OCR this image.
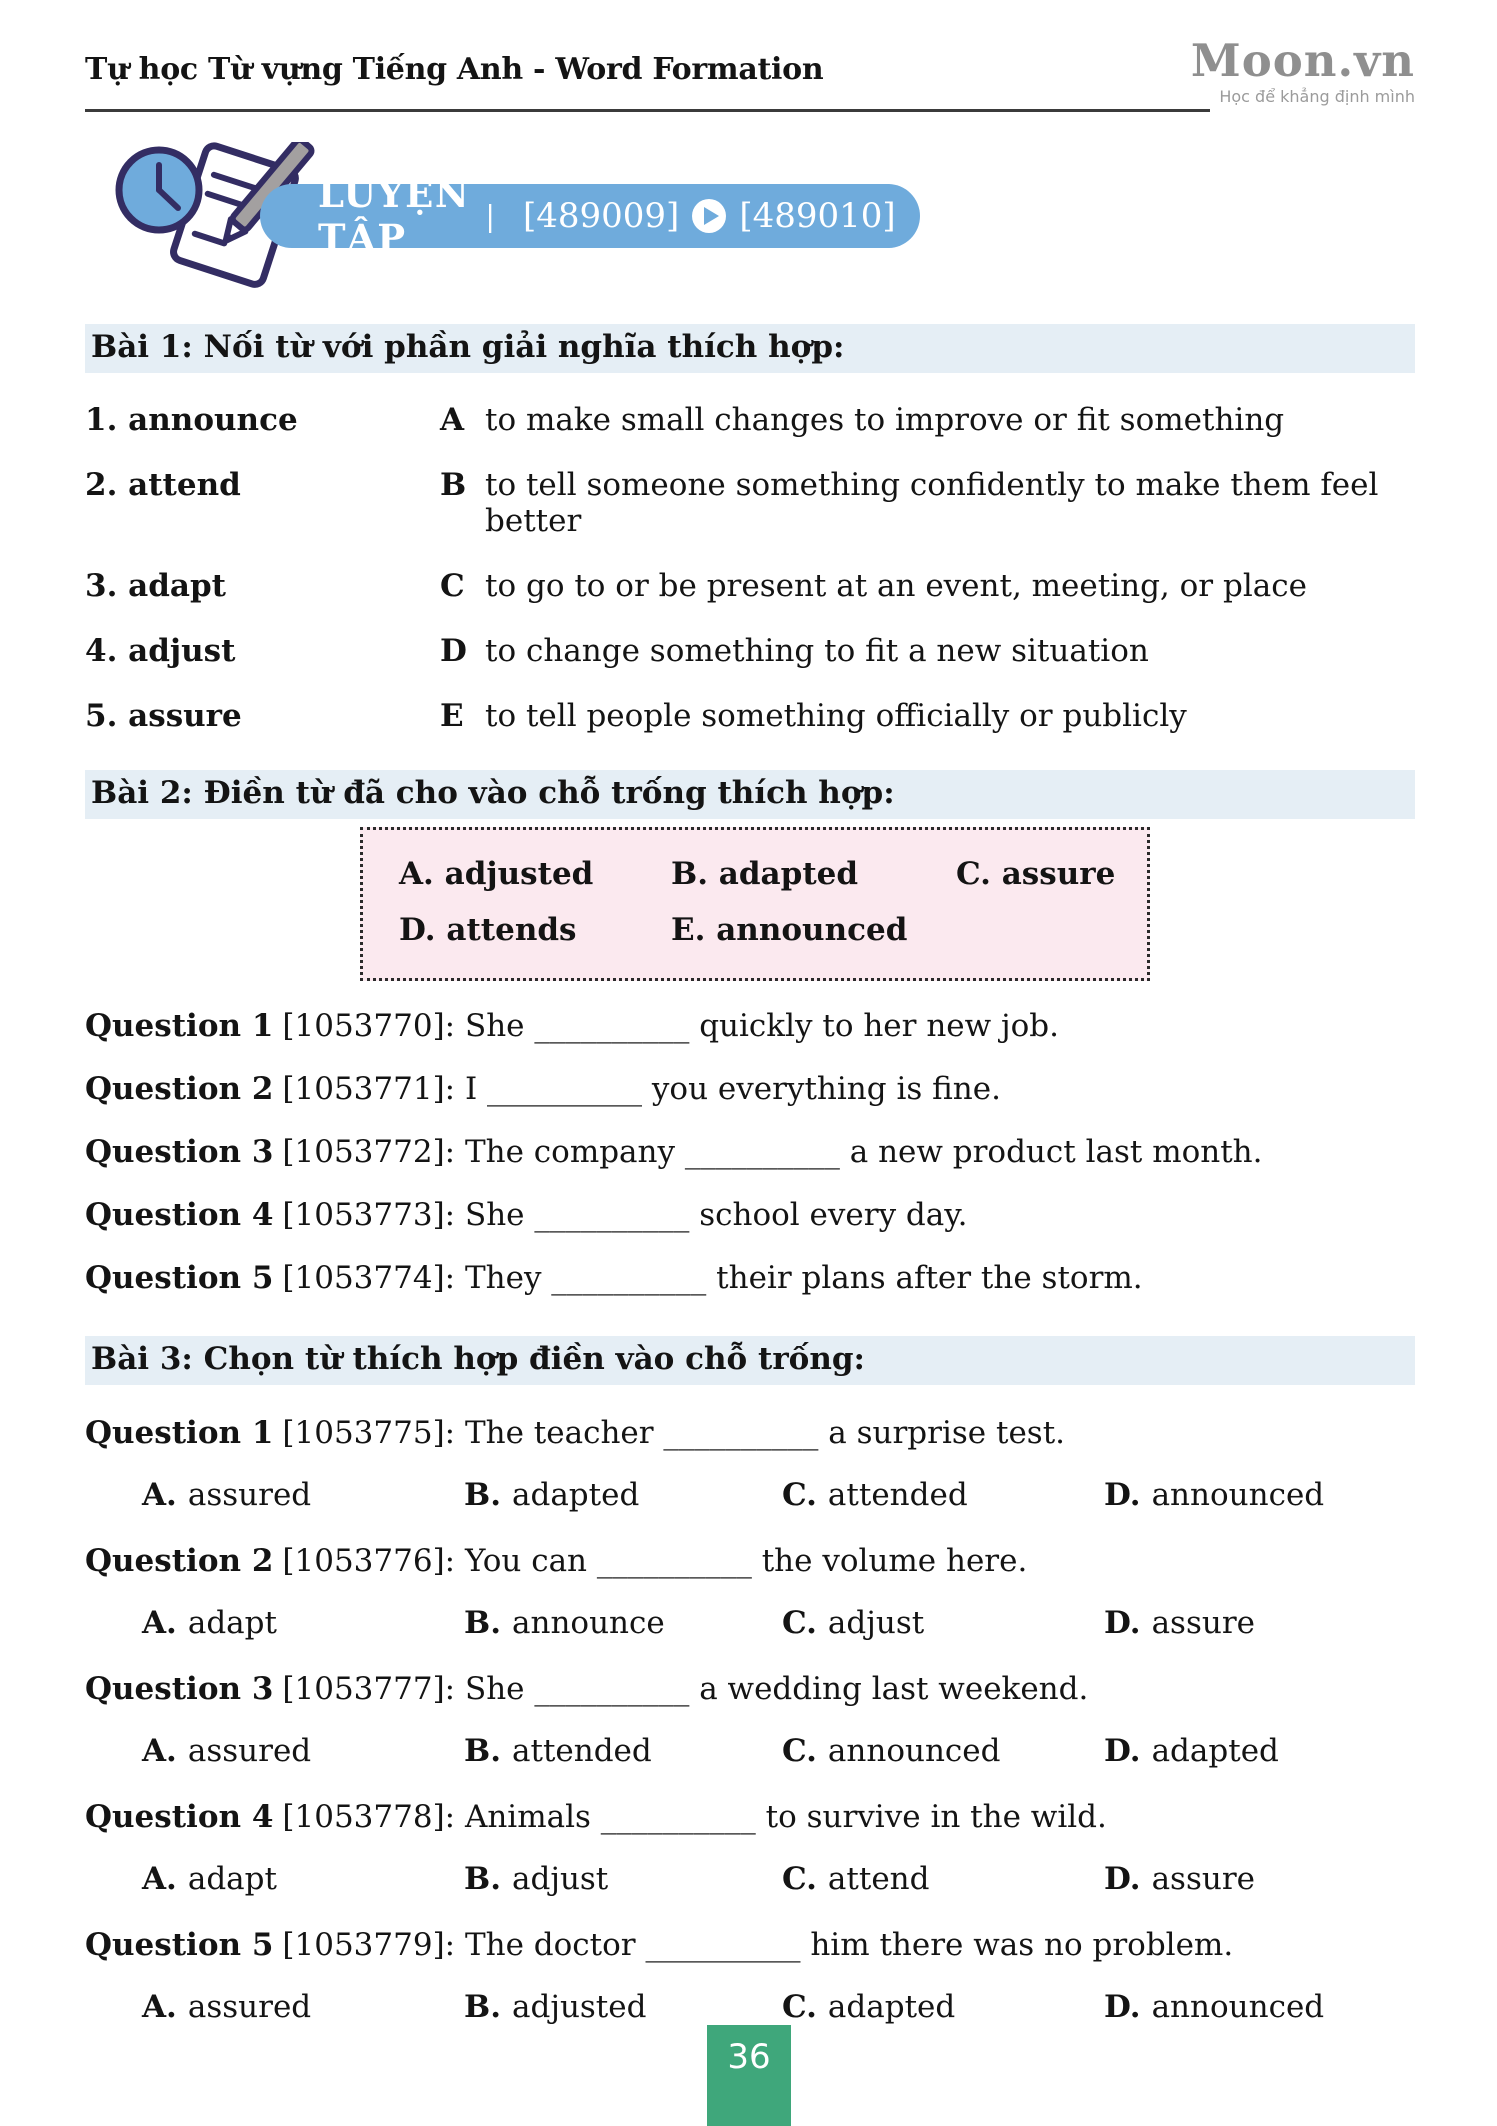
Tự học Từ vựng Tiếng Anh - Word Formation	Moon.vn
Học để khẳng định mình
LUYỆN TẬP	| [489009] [489010]
Bài 1: Nối từ với phần giải nghĩa thích hợp:
1. announce	A to make small changes to improve or fit something
2. attend	B to tell someone something confidently to make them feel better
3. adapt	C to go to or be present at an event, meeting, or place
4. adjust	D to change something to fit a new situation
5. assure	E to tell people something officially or publicly
Bài 2: Điền từ đã cho vào chỗ trống thích hợp:
A. adjusted	B. adapted	C. assure
D. attends	E. announced
Question 1 [1053770]: She __________ quickly to her new job.
Question 2 [1053771]: I __________ you everything is fine.
Question 3 [1053772]: The company __________ a new product last month.
Question 4 [1053773]: She __________ school every day.
Question 5 [1053774]: They __________ their plans after the storm.
Bài 3: Chọn từ thích hợp điền vào chỗ trống:
Question 1 [1053775]: The teacher __________ a surprise test.
A. assured	B. adapted	C. attended	D. announced
Question 2 [1053776]: You can __________ the volume here.
A. adapt	B. announce	C. adjust	D. assure
Question 3 [1053777]: She __________ a wedding last weekend.
A. assured	B. attended	C. announced	D. adapted
Question 4 [1053778]: Animals __________ to survive in the wild.
A. adapt	B. adjust	C. attend	D. assure
Question 5 [1053779]: The doctor __________ him there was no problem.
A. assured	B. adjusted	C. adapted	D. announced
36
